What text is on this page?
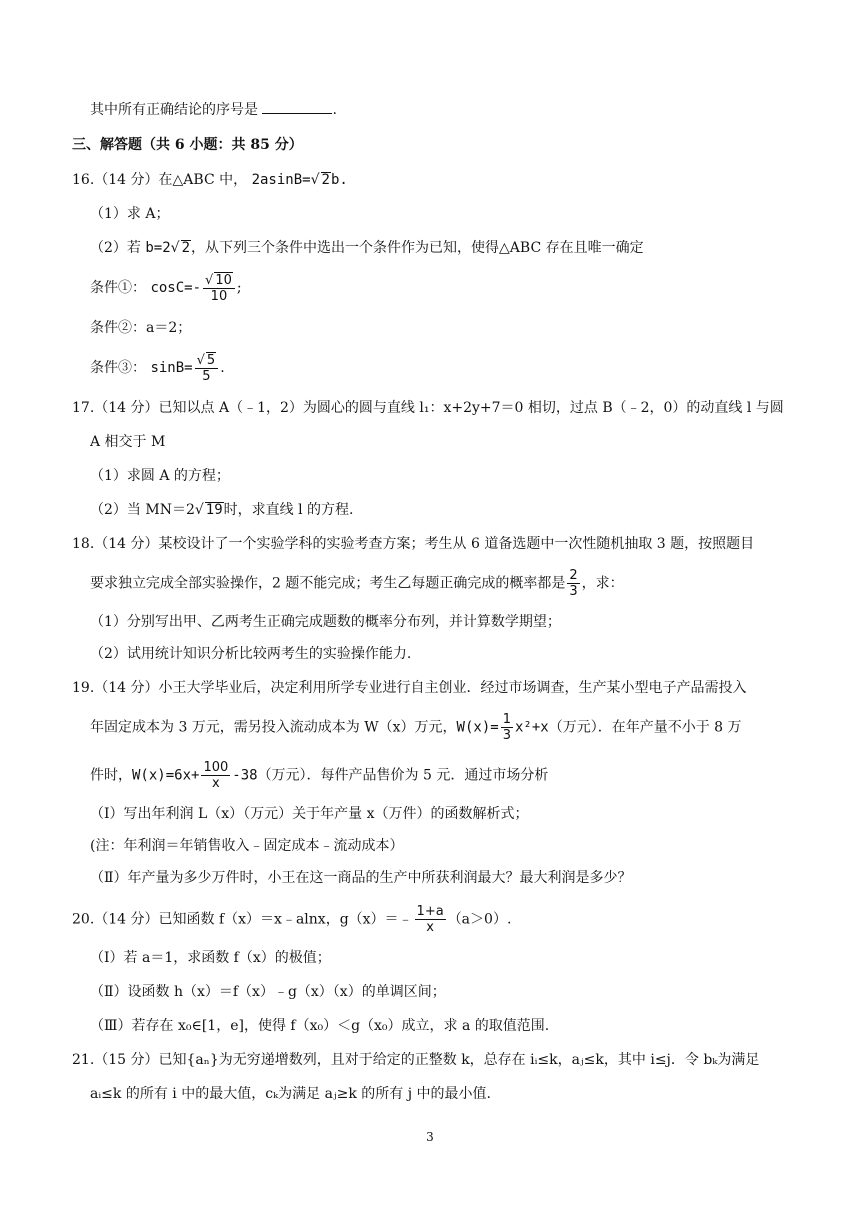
其中所有正确结论的序号是	.
三、解答题（共 6 小题：共 85 分）
16.（14 分）在△ABC 中， 2asinB=√ 2b.
（1）求 A；
（2）若 b=2√ 2，从下列三个条件中选出一个条件作为已知，使得△ABC 存在且唯一确定
条件①： $\cos C=- \frac{√ 10}{10}$ ;
条件②：a＝2；
条件③： $\sin B= \frac{√ 5}{5}$ .
17.（14 分）已知以点 A（﹣1，2）为圆心的圆与直线 l₁：x+2y+7＝0 相切，过点 B（﹣2，0）的动直线 l 与圆
A 相交于 M
（1）求圆 A 的方程；
（2）当 MN＝2√ 19时，求直线 l 的方程.
18.（14 分）某校设计了一个实验学科的实验考查方案；考生从 6 道备选题中一次性随机抽取 3 题，按照题目
要求独立完成全部实验操作，2 题不能完成；考生乙每题正确完成的概率都是 $\frac{2}{3}$ ，求：
（1）分别写出甲、乙两考生正确完成题数的概率分布列，并计算数学期望；
（2）试用统计知识分析比较两考生的实验操作能力.
19.（14 分）小王大学毕业后，决定利用所学专业进行自主创业．经过市场调查，生产某小型电子产品需投入
年固定成本为 3 万元，需另投入流动成本为 W（x）万元，$W(x)= \frac{1}{3} x^2+x$（万元）．在年产量不小于 8 万
件时，$W(x)=6x+ \frac{100}{x} -38$（万元）．每件产品售价为 5 元．通过市场分析
（Ⅰ）写出年利润 L（x）（万元）关于年产量 x（万件）的函数解析式；
(注：年利润＝年销售收入﹣固定成本﹣流动成本）
（Ⅱ）年产量为多少万件时，小王在这一商品的生产中所获利润最大？最大利润是多少？
20.（14 分）已知函数 f（x）＝x﹣alnx，g（x）＝﹣ $\frac{1+a}{x} (a>0)$.
（Ⅰ）若 a＝1，求函数 f（x）的极值；
（Ⅱ）设函数 h（x）＝f（x）﹣g（x）（x）的单调区间；
（Ⅲ）若存在 x₀∈[1，e]，使得 f（x₀）＜g（x₀）成立，求 a 的取值范围.
21.（15 分）已知{aₙ}为无穷递增数列，且对于给定的正整数 k，总存在 iᵢ≤k，aⱼ≤k，其中 i≤j．令 bₖ为满足
aᵢ≤k 的所有 i 中的最大值，cₖ为满足 aⱼ≥k 的所有 j 中的最小值.
3
